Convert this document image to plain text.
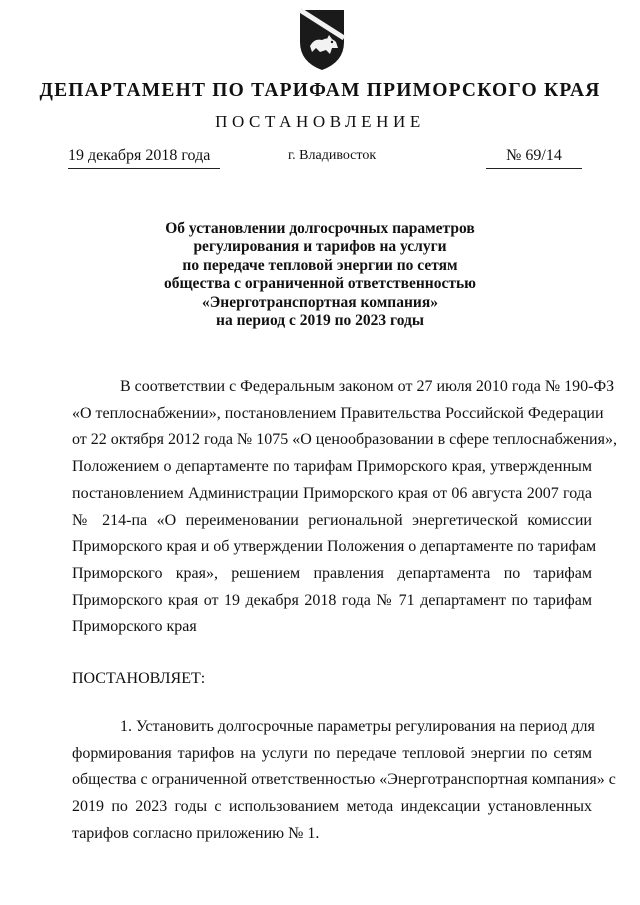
ДЕПАРТАМЕНТ ПО ТАРИФАМ ПРИМОРСКОГО КРАЯ
ПОСТАНОВЛЕНИЕ
19 декабря 2018 года	г. Владивосток	№ 69/14
Об установлении долгосрочных параметров
регулирования и тарифов на услуги
по передаче тепловой энергии по сетям
общества с ограниченной ответственностью
«Энерготранспортная компания»
на период с 2019 по 2023 годы
В соответствии с Федеральным законом от 27 июля 2010 года № 190-ФЗ
«О теплоснабжении», постановлением Правительства Российской Федерации
от 22 октября 2012 года № 1075 «О ценообразовании в сфере теплоснабжения»,
Положением о департаменте по тарифам Приморского края, утвержденным
постановлением Администрации Приморского края от 06 августа 2007 года
№ 214-па «О переименовании региональной энергетической комиссии
Приморского края и об утверждении Положения о департаменте по тарифам
Приморского края», решением правления департамента по тарифам
Приморского края от 19 декабря 2018 года № 71 департамент по тарифам
Приморского края
ПОСТАНОВЛЯЕТ:
1. Установить долгосрочные параметры регулирования на период для
формирования тарифов на услуги по передаче тепловой энергии по сетям
общества с ограниченной ответственностью «Энерготранспортная компания» с
2019 по 2023 годы с использованием метода индексации установленных
тарифов согласно приложению № 1.
